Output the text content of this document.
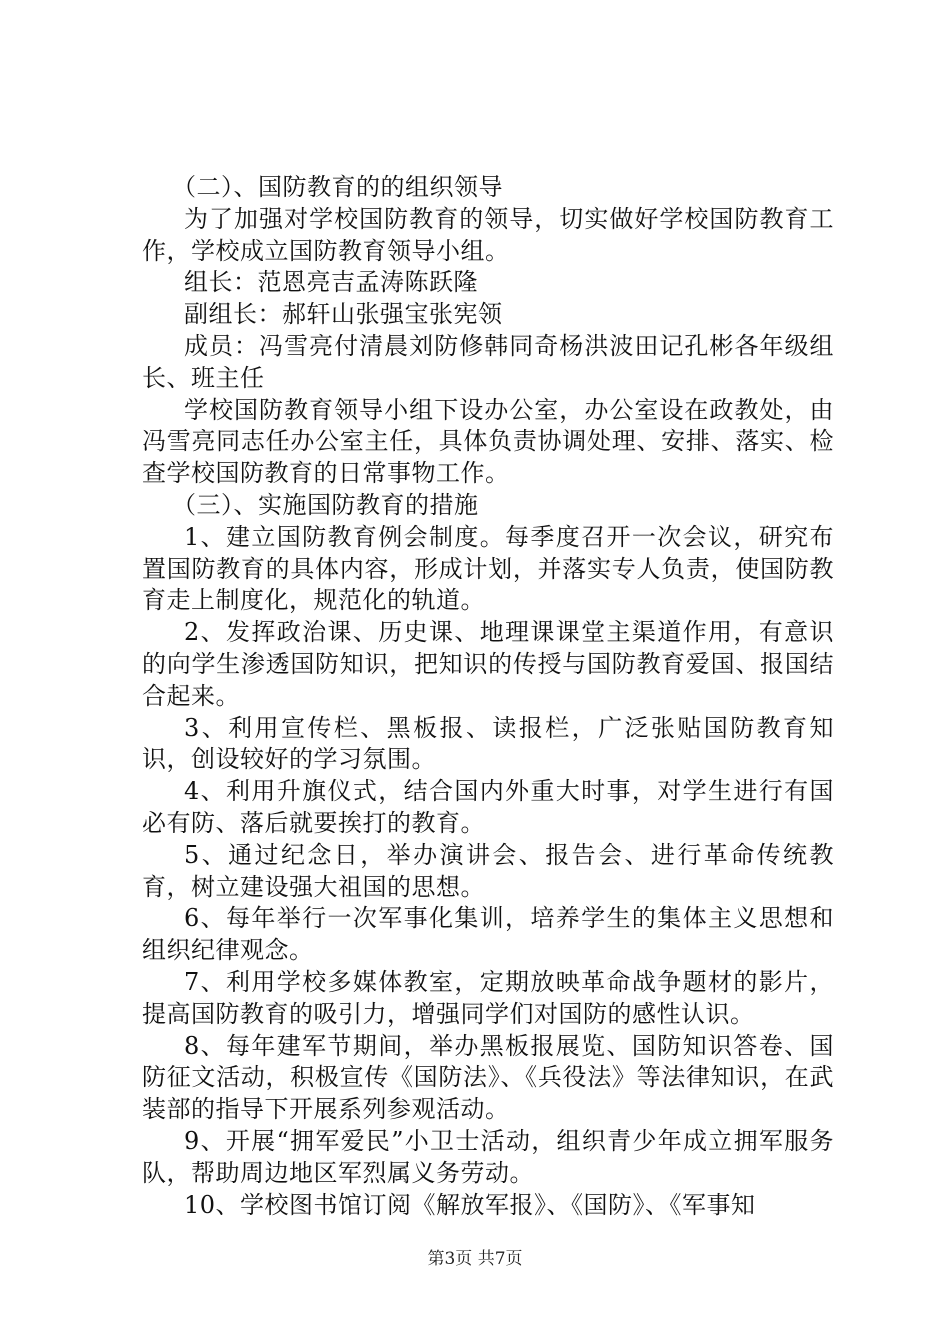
（二）、国防教育的的组织领导

为了加强对学校国防教育的领导，切实做好学校国防教育工作，学校成立国防教育领导小组。

组长：范恩亮吉孟涛陈跃隆

副组长：郝轩山张强宝张宪领

成员：冯雪亮付清晨刘防修韩同奇杨洪波田记孔彬各年级组长、班主任

学校国防教育领导小组下设办公室，办公室设在政教处，由冯雪亮同志任办公室主任，具体负责协调处理、安排、落实、检查学校国防教育的日常事物工作。

（三）、实施国防教育的措施

1、建立国防教育例会制度。每季度召开一次会议，研究布置国防教育的具体内容，形成计划，并落实专人负责，使国防教育走上制度化，规范化的轨道。

2、发挥政治课、历史课、地理课课堂主渠道作用，有意识的向学生渗透国防知识，把知识的传授与国防教育爱国、报国结合起来。

3、利用宣传栏、黑板报、读报栏，广泛张贴国防教育知识，创设较好的学习氛围。

4、利用升旗仪式，结合国内外重大时事，对学生进行有国必有防、落后就要挨打的教育。

5、通过纪念日，举办演讲会、报告会、进行革命传统教育，树立建设强大祖国的思想。

6、每年举行一次军事化集训，培养学生的集体主义思想和组织纪律观念。

7、利用学校多媒体教室，定期放映革命战争题材的影片，提高国防教育的吸引力，增强同学们对国防的感性认识。

8、每年建军节期间，举办黑板报展览、国防知识答卷、国防征文活动，积极宣传《国防法》、《兵役法》等法律知识，在武装部的指导下开展系列参观活动。

9、开展“拥军爱民”小卫士活动，组织青少年成立拥军服务队，帮助周边地区军烈属义务劳动。

10、学校图书馆订阅《解放军报》、《国防》、《军事知

第3页 共7页
